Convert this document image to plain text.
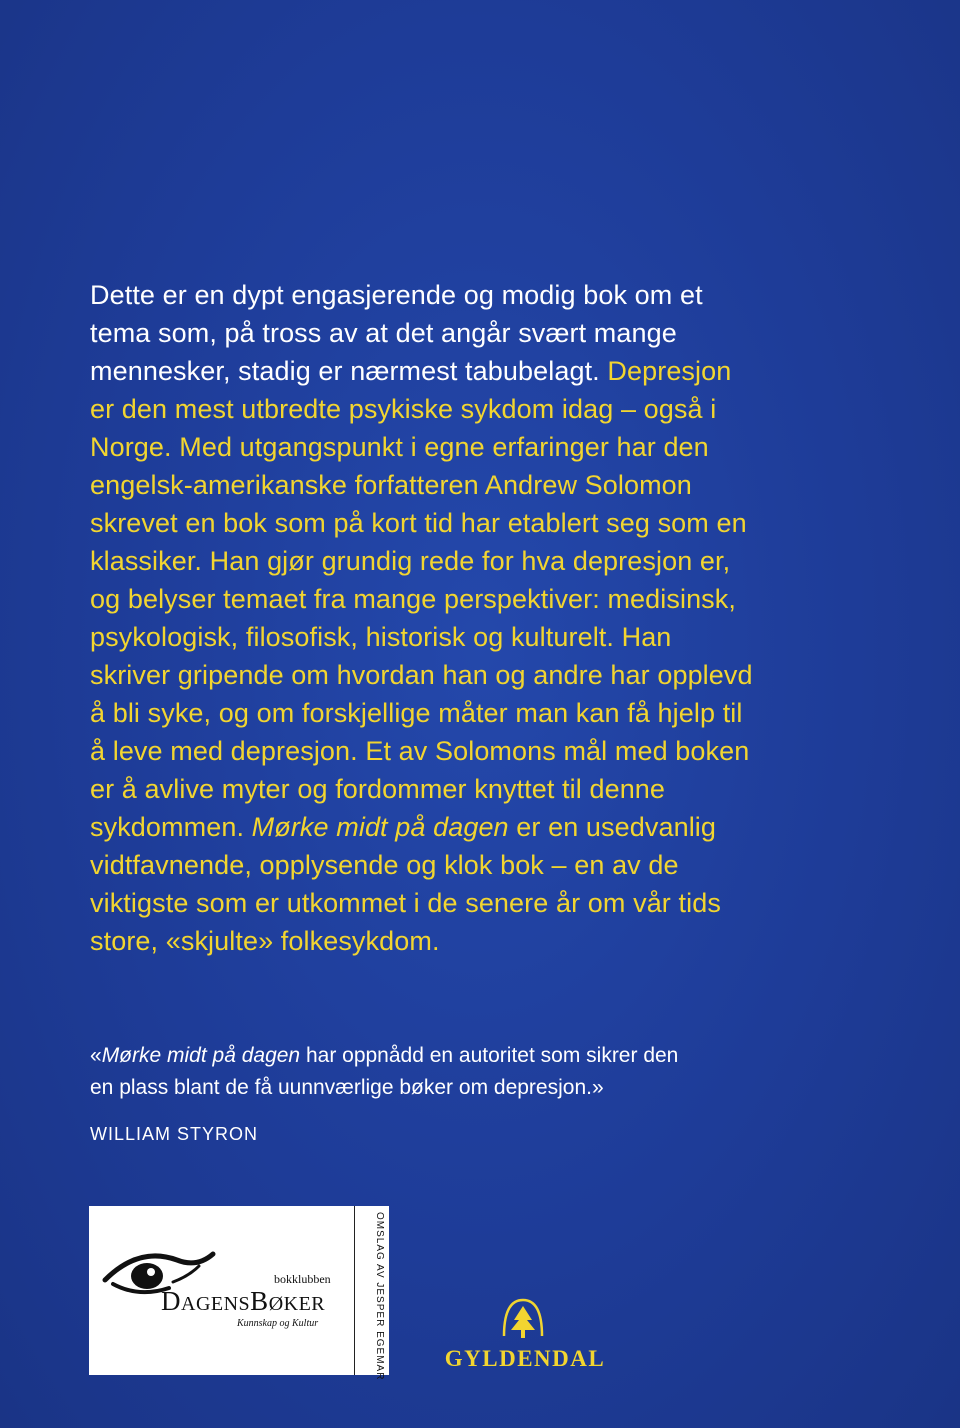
Dette er en dypt engasjerende og modig bok om et
tema som, på tross av at det angår svært mange
mennesker, stadig er nærmest tabubelagt. Depresjon
er den mest utbredte psykiske sykdom idag – også i
Norge. Med utgangspunkt i egne erfaringer har den
engelsk-amerikanske forfatteren Andrew Solomon
skrevet en bok som på kort tid har etablert seg som en
klassiker. Han gjør grundig rede for hva depresjon er,
og belyser temaet fra mange perspektiver: medisinsk,
psykologisk, filosofisk, historisk og kulturelt. Han
skriver gripende om hvordan han og andre har opplevd
å bli syke, og om forskjellige måter man kan få hjelp til
å leve med depresjon. Et av Solomons mål med boken
er å avlive myter og fordommer knyttet til denne
sykdommen. Mørke midt på dagen er en usedvanlig
vidtfavnende, opplysende og klok bok – en av de
viktigste som er utkommet i de senere år om vår tids
store, «skjulte» folkesykdom.
«Mørke midt på dagen har oppnådd en autoritet som sikrer den
en plass blant de få uunnværlige bøker om depresjon.»
WILLIAM STYRON
bokklubben
DAGENSBØKER
Kunnskap og Kultur	OMSLAG AV JESPER EGEMAR	GYLDENDAL
